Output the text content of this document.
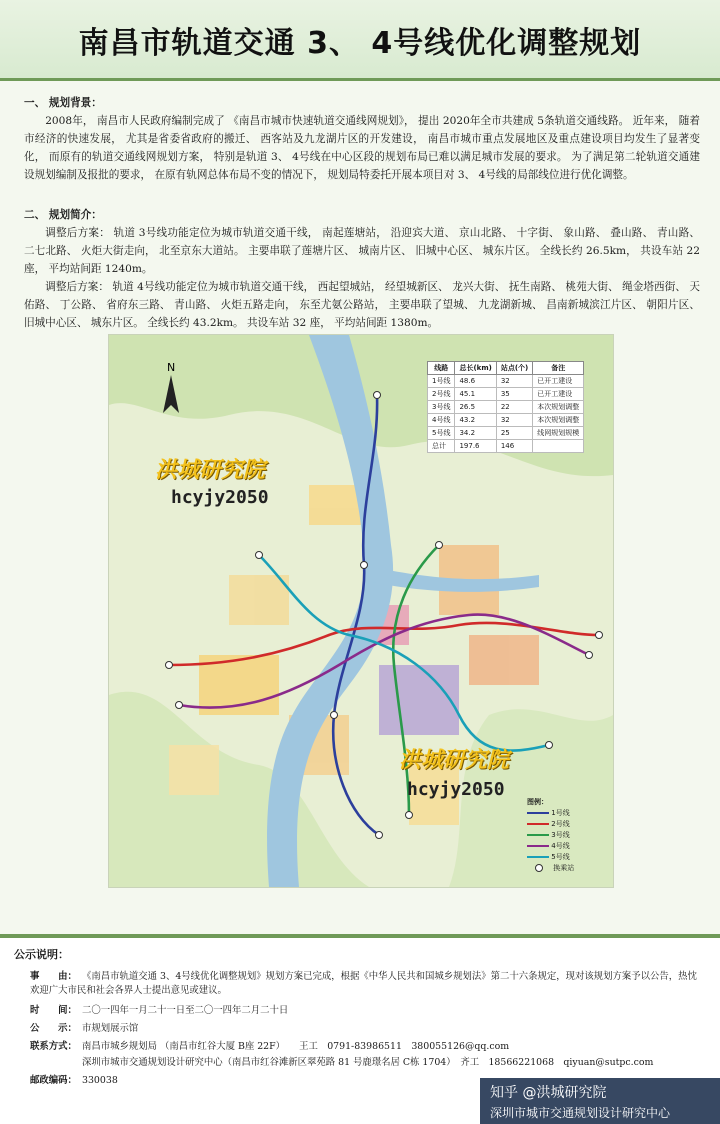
南昌市轨道交通 3、 4号线优化调整规划
一、 规划背景：

2008年， 南昌市人民政府编制完成了 《南昌市城市快速轨道交通线网规划》， 提出 2020年全市共建成 5条轨道交通线路。 近年来， 随着市经济的快速发展， 尤其是省委省政府的搬迁、 西客站及九龙湖片区的开发建设， 南昌市城市重点发展地区及重点建设项目均发生了显著变化， 而原有的轨道交通线网规划方案， 特别是轨道 3、 4号线在中心区段的规划布局已难以满足城市发展的要求。 为了满足第二轮轨道交通建设规划编制及报批的要求， 在原有轨网总体布局不变的情况下， 规划局特委托开展本项目对 3、 4号线的局部线位进行优化调整。

二、 规划简介：

调整后方案： 轨道 3号线功能定位为城市轨道交通干线， 南起莲塘站， 沿迎宾大道、 京山北路、 十字街、 象山路、 叠山路、 青山路、 二七北路、 火炬大街走向， 北至京东大道站。 主要串联了莲塘片区、 城南片区、 旧城中心区、 城东片区。 全线长约 26.5km， 共设车站 22 座， 平均站间距 1240m。

调整后方案： 轨道 4号线功能定位为城市轨道交通干线， 西起望城站， 经望城新区、 龙兴大街、 抚生南路、 桃苑大街、 绳金塔西街、 天佑路、 丁公路、 省府东三路、 青山路、 火炬五路走向， 东至尤氨公路站， 主要串联了望城、 九龙湖新城、 昌南新城滨江片区、 朝阳片区、 旧城中心区、 城东片区。 全线长约 43.2km。 共设车站 32 座， 平均站间距 1380m。

N	线路	总长(km)	站点(个)	备注
1号线	48.6	32	已开工建设
2号线	45.1	35	已开工建设
3号线	26.5	22	本次规划调整
4号线	43.2	32	本次规划调整
5号线	34.2	25	线网规划规模
总计	197.6	146	
洪城研究院
hcyjy2050
洪城研究院
hcyjy2050
图例：
1号线
2号线
3号线
4号线
5号线
换乘站
公示说明：
事　　由： 《南昌市轨道交通 3、4号线优化调整规划》规划方案已完成，根据《中华人民共和国城乡规划法》第二十六条规定，现对该规划方案予以公告，热忱欢迎广大市民和社会各界人士提出意见或建议。
时　　间： 二〇一四年一月二十一日至二〇一四年二月二十日
公　　示： 市规划展示馆
联系方式： 南昌市城乡规划局 （南昌市红谷大厦 B座 22F）　　王工　0791-83986511　380055126@qq.com
深圳市城市交通规划设计研究中心（南昌市红谷滩新区翠苑路 81 号鹿璟名居 C栋 1704）　齐工　18566221068　qiyuan@sutpc.com
邮政编码： 330038
知乎 @洪城研究院
深圳市城市交通规划设计研究中心
